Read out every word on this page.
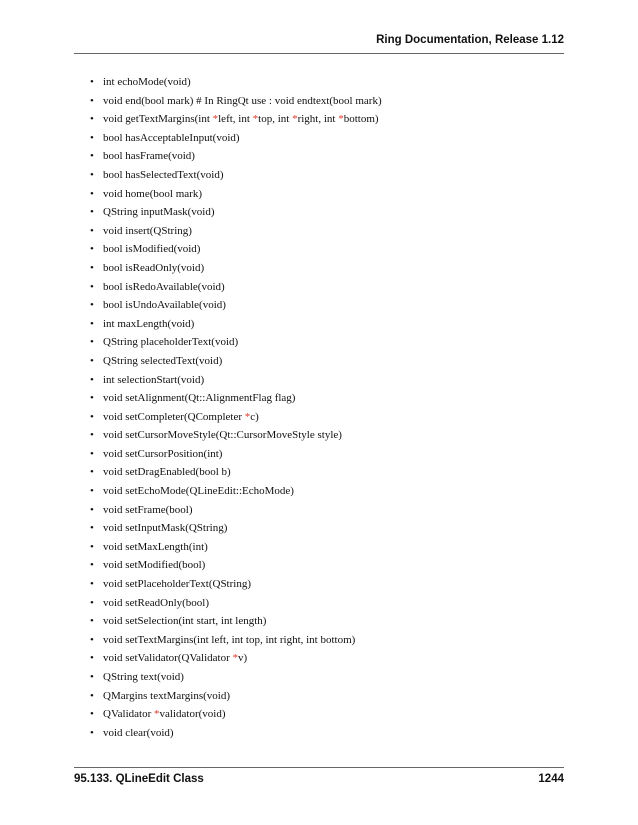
Ring Documentation, Release 1.12
• int echoMode(void)
• void end(bool mark) # In RingQt use : void endtext(bool mark)
• void getTextMargins(int *left, int *top, int *right, int *bottom)
• bool hasAcceptableInput(void)
• bool hasFrame(void)
• bool hasSelectedText(void)
• void home(bool mark)
• QString inputMask(void)
• void insert(QString)
• bool isModified(void)
• bool isReadOnly(void)
• bool isRedoAvailable(void)
• bool isUndoAvailable(void)
• int maxLength(void)
• QString placeholderText(void)
• QString selectedText(void)
• int selectionStart(void)
• void setAlignment(Qt::AlignmentFlag flag)
• void setCompleter(QCompleter *c)
• void setCursorMoveStyle(Qt::CursorMoveStyle style)
• void setCursorPosition(int)
• void setDragEnabled(bool b)
• void setEchoMode(QLineEdit::EchoMode)
• void setFrame(bool)
• void setInputMask(QString)
• void setMaxLength(int)
• void setModified(bool)
• void setPlaceholderText(QString)
• void setReadOnly(bool)
• void setSelection(int start, int length)
• void setTextMargins(int left, int top, int right, int bottom)
• void setValidator(QValidator *v)
• QString text(void)
• QMargins textMargins(void)
• QValidator *validator(void)
• void clear(void)
95.133. QLineEdit Class	1244
